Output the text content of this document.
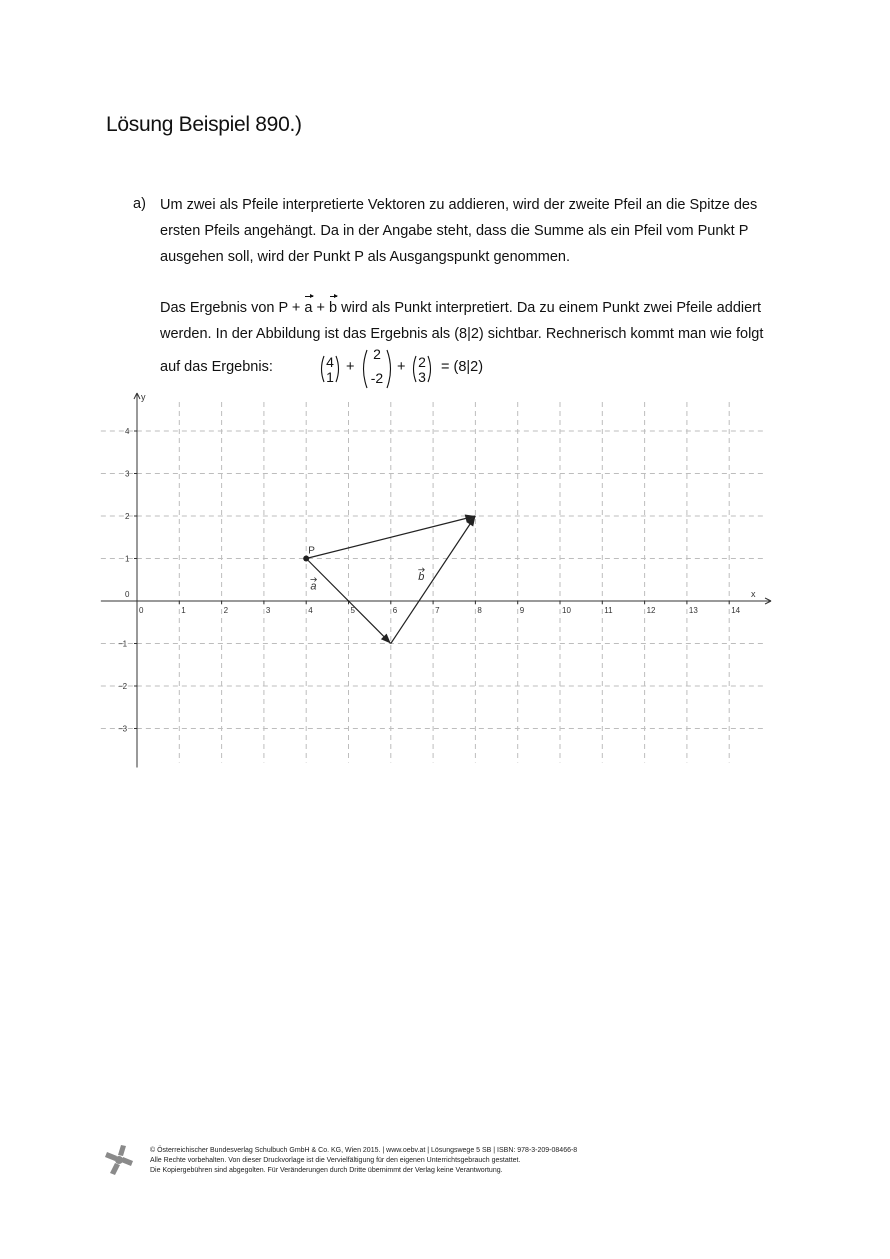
Lösung Beispiel 890.)
a) Um zwei als Pfeile interpretierte Vektoren zu addieren, wird der zweite Pfeil an die Spitze des ersten Pfeils angehängt. Da in der Angabe steht, dass die Summe als ein Pfeil vom Punkt P ausgehen soll, wird der Punkt P als Ausgangspunkt genommen.
Das Ergebnis von P + a + b wird als Punkt interpretiert. Da zu einem Punkt zwei Pfeile addiert werden. In der Abbildung ist das Ergebnis als (8|2) sichtbar. Rechnerisch kommt man wie folgt
auf das Ergebnis:	4
1
+
2
-2
+ 2
3
= (8|2)
x
y
0
0	1	2	3	4	5	6	7	8	9	10	11	12	13	14
4
3
2
1
−1
−2
−3
P
a
b
© Österreichischer Bundesverlag Schulbuch GmbH & Co. KG, Wien 2015. | www.oebv.at | Lösungswege 5 SB | ISBN: 978-3-209-08466-8
Alle Rechte vorbehalten. Von dieser Druckvorlage ist die Vervielfältigung für den eigenen Unterrichtsgebrauch gestattet.
Die Kopiergebühren sind abgegolten. Für Veränderungen durch Dritte übernimmt der Verlag keine Verantwortung.
